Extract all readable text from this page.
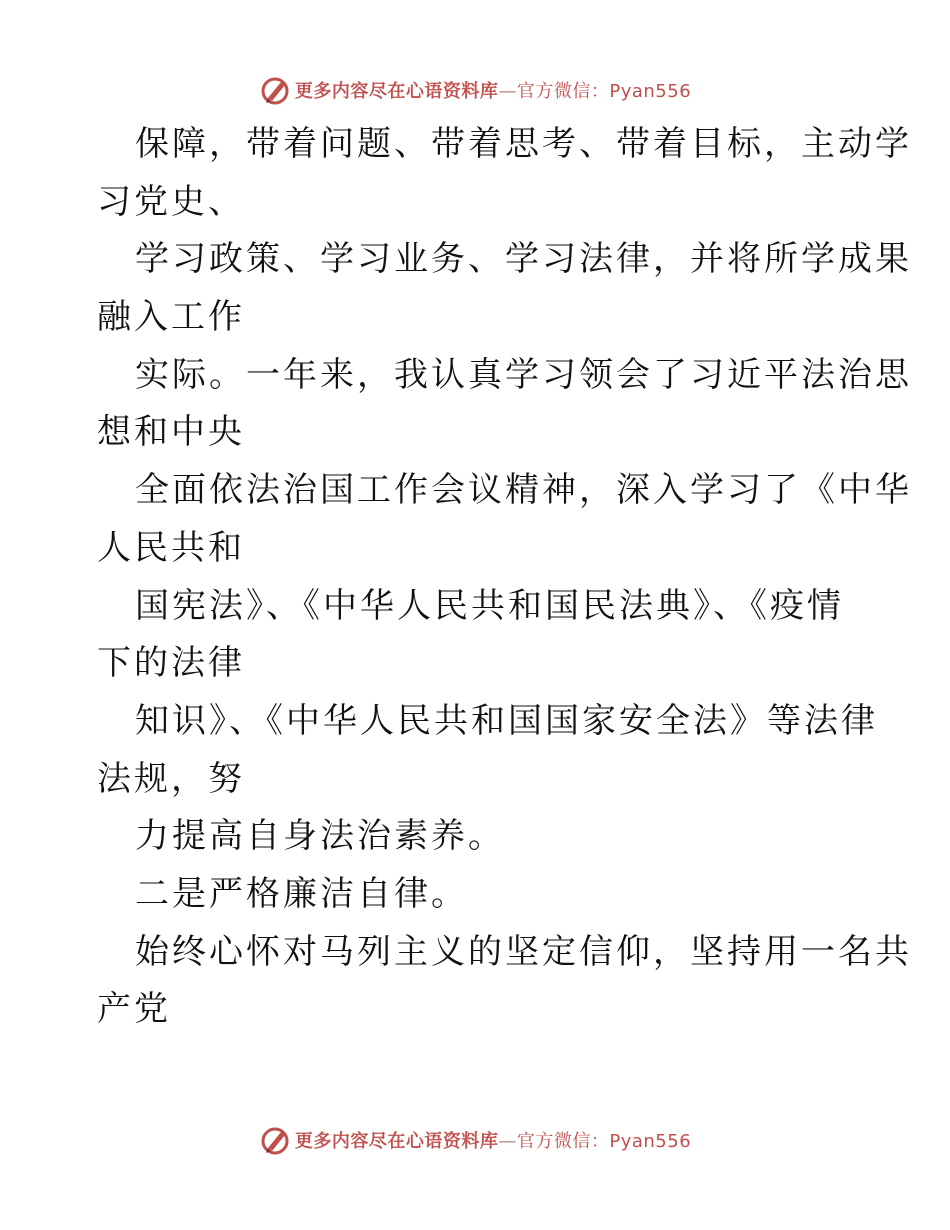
更多内容尽在心语资料库—官方微信：Pyan556
保障，带着问题、带着思考、带着目标，主动学
习党史、
学习政策、学习业务、学习法律，并将所学成果
融入工作
实际。一年来，我认真学习领会了习近平法治思
想和中央
全面依法治国工作会议精神，深入学习了《中华
人民共和
国宪法》、《中华人民共和国民法典》、《疫情
下的法律
知识》、《中华人民共和国国家安全法》等法律
法规，努
力提高自身法治素养。
二是严格廉洁自律。
始终心怀对马列主义的坚定信仰，坚持用一名共
产党
更多内容尽在心语资料库—官方微信：Pyan556
